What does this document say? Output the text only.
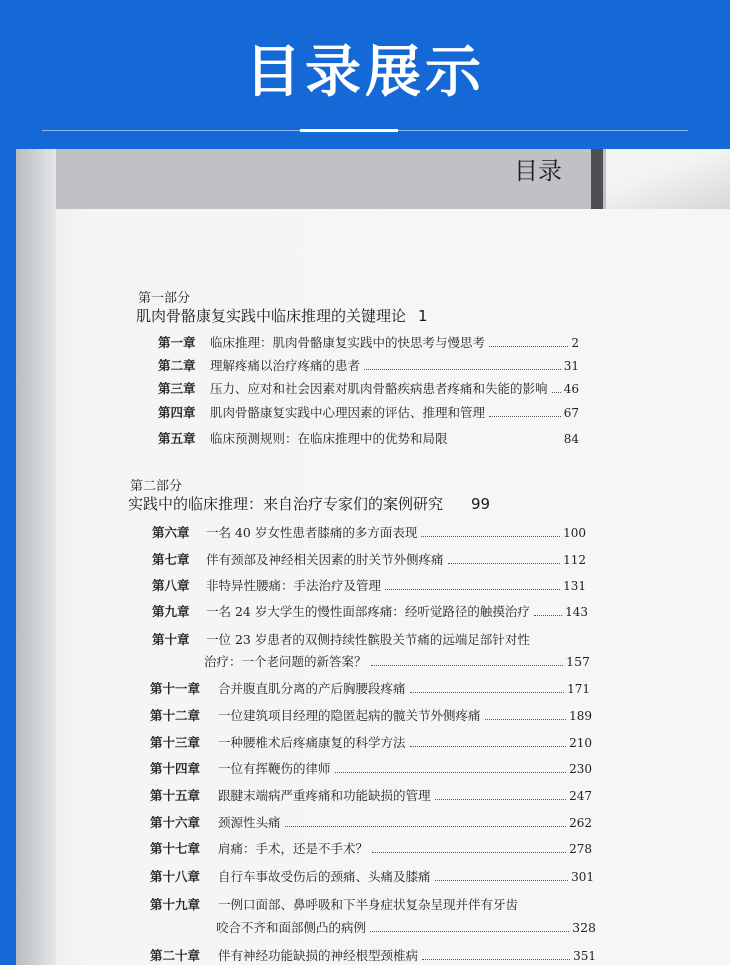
目录展示
目录
第一部分
肌肉骨骼康复实践中临床推理的关键理论 1
第一章	临床推理：肌肉骨骼康复实践中的快思考与慢思考	2
第二章	理解疼痛以治疗疼痛的患者	31
第三章	压力、应对和社会因素对肌肉骨骼疾病患者疼痛和失能的影响 46
第四章	肌肉骨骼康复实践中心理因素的评估、推理和管理	67
第五章	临床预测规则：在临床推理中的优势和局限	84
第二部分
实践中的临床推理：来自治疗专家们的案例研究 99
第六章	一名 40 岁女性患者膝痛的多方面表现	100
第七章	伴有颈部及神经相关因素的肘关节外侧疼痛	112
第八章	非特异性腰痛：手法治疗及管理	131
第九章	一名 24 岁大学生的慢性面部疼痛：经听觉路径的触摸治疗	143
第十章	一位 23 岁患者的双侧持续性髌股关节痛的远端足部针对性
治疗：一个老问题的新答案？	157
第十一章	合并腹直肌分离的产后胸腰段疼痛	171
第十二章	一位建筑项目经理的隐匿起病的髋关节外侧疼痛	189
第十三章	一种腰椎术后疼痛康复的科学方法	210
第十四章	一位有挥鞭伤的律师	230
第十五章	跟腱末端病严重疼痛和功能缺损的管理	247
第十六章	颈源性头痛	262
第十七章	肩痛：手术，还是不手术？	278
第十八章	自行车事故受伤后的颈痛、头痛及膝痛	301
第十九章	一例口面部、鼻呼吸和下半身症状复杂呈现并伴有牙齿
咬合不齐和面部侧凸的病例	328
第二十章	伴有神经功能缺损的神经根型颈椎病	351
